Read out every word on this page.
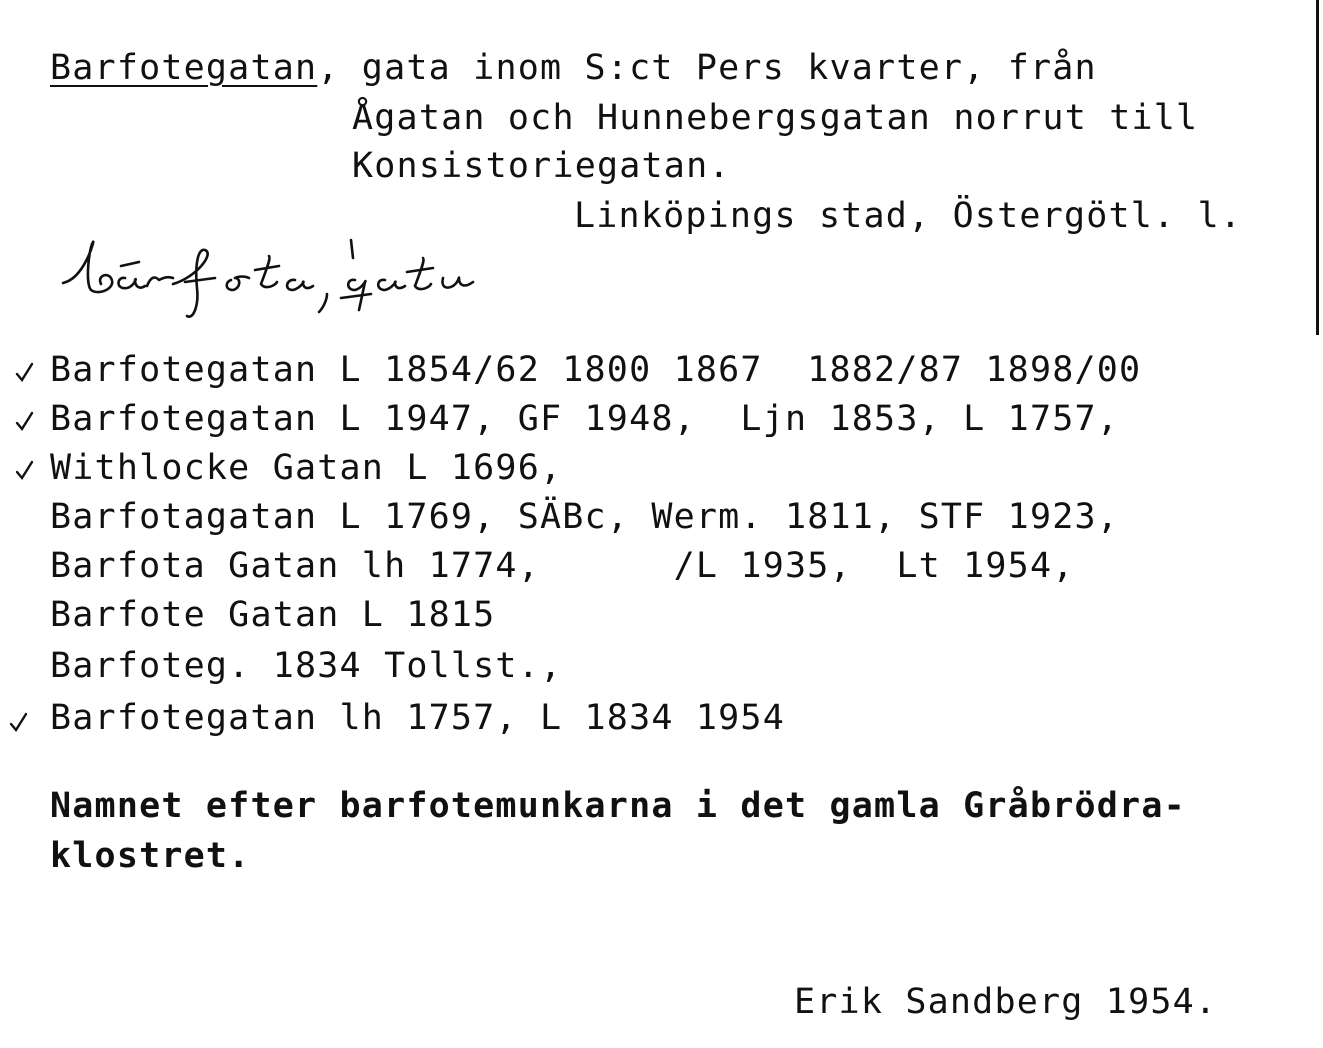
Barfotegatan, gata inom S:ct Pers kvarter, från
Ågatan och Hunnebergsgatan norrut till
Konsistoriegatan.
Linköpings stad, Östergötl. l.
Barfotegatan L 1854/62 1800 1867  1882/87 1898/00
Barfotegatan L 1947, GF 1948,  Ljn 1853, L 1757,
Withlocke Gatan L 1696,
Barfotagatan L 1769, SÄBc, Werm. 1811, STF 1923,
Barfota Gatan lh 1774,      /L 1935,  Lt 1954,
Barfote Gatan L 1815
Barfoteg. 1834 Tollst.,
Barfotegatan lh 1757, L 1834 1954
Namnet efter barfotemunkarna i det gamla Gråbrödra-
klostret.
Erik Sandberg 1954.
